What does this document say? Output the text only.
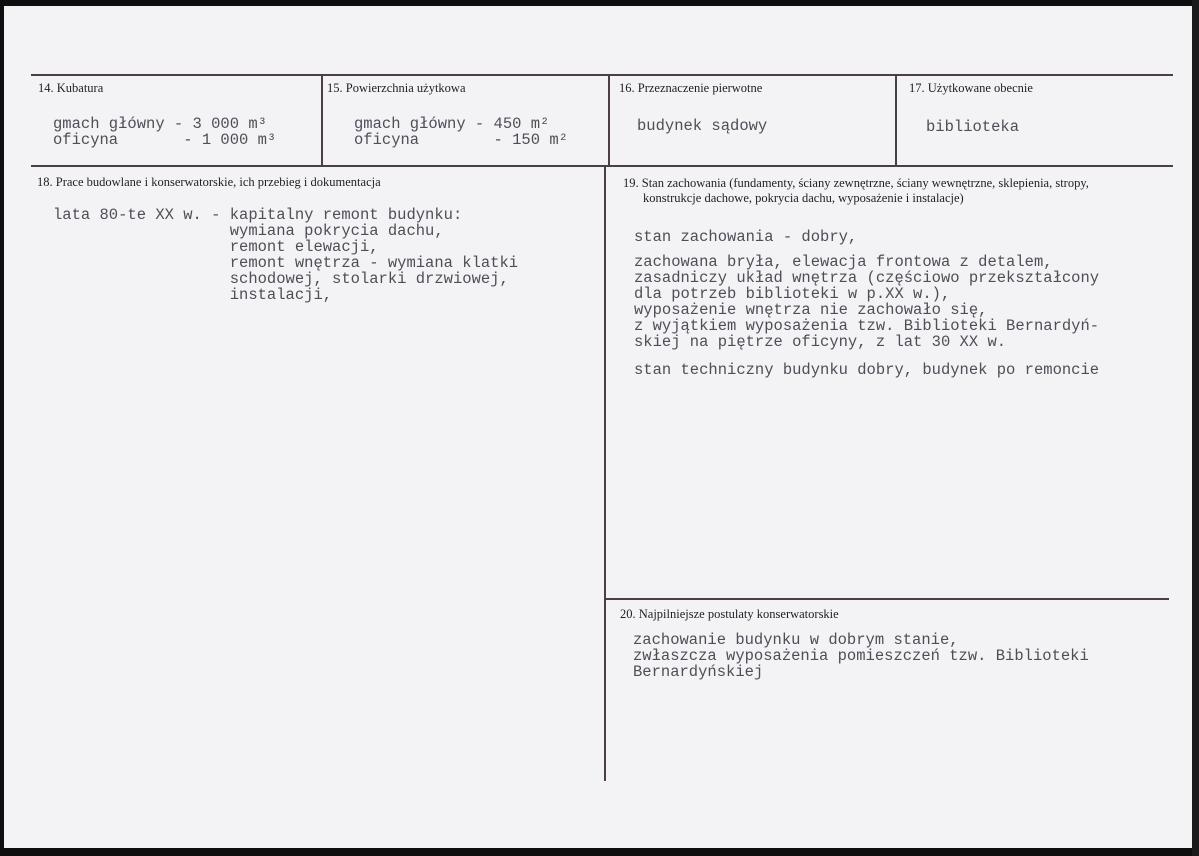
14. Kubatura
gmach główny - 3 000 m³
oficyna       - 1 000 m³
15. Powierzchnia użytkowa
gmach główny - 450 m²
oficyna        - 150 m²
16. Przeznaczenie pierwotne
budynek sądowy
17. Użytkowane obecnie
biblioteka
18. Prace budowlane i konserwatorskie, ich przebieg i dokumentacja
lata 80-te XX w. - kapitalny remont budynku:
wymiana pokrycia dachu,
remont elewacji,
remont wnętrza - wymiana klatki
schodowej, stolarki drzwiowej,
instalacji,
19. Stan zachowania (fundamenty, ściany zewnętrzne, ściany wewnętrzne, sklepienia, stropy,
konstrukcje dachowe, pokrycia dachu, wyposażenie i instalacje)
stan zachowania - dobry,
zachowana bryła, elewacja frontowa z detalem,
zasadniczy układ wnętrza (częściowo przekształcony
dla potrzeb biblioteki w p.XX w.),
wyposażenie wnętrza nie zachowało się,
z wyjątkiem wyposażenia tzw. Biblioteki Bernardyń-
skiej na piętrze oficyny, z lat 30 XX w.
stan techniczny budynku dobry, budynek po remoncie
20. Najpilniejsze postulaty konserwatorskie
zachowanie budynku w dobrym stanie,
zwłaszcza wyposażenia pomieszczeń tzw. Biblioteki
Bernardyńskiej
